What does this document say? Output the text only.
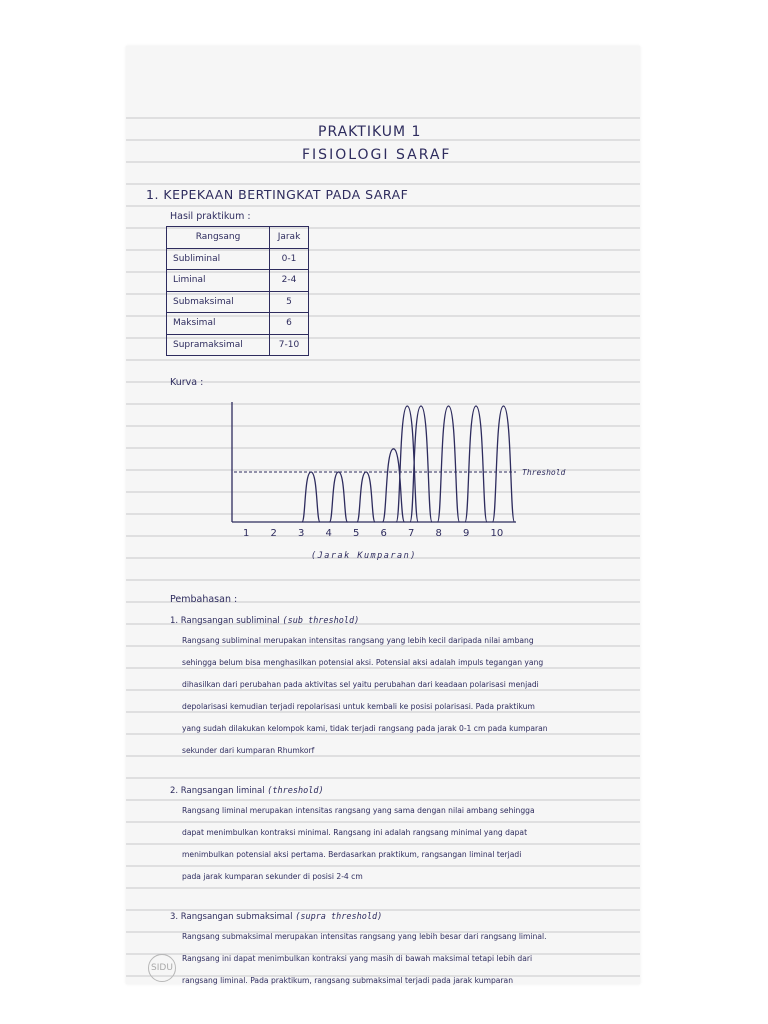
PRAKTIKUM 1
FISIOLOGI SARAF
1. KEPEKAAN BERTINGKAT PADA SARAF
Hasil praktikum :
Rangsang	Jarak
Subliminal	0-1
Liminal	2-4
Submaksimal	5
Maksimal	6
Supramaksimal	7-10
Kurva :
Threshold
1 2 3 4 5 6 7 8 9 10
(Jarak Kumparan)
Pembahasan :
1. Rangsangan subliminal (sub threshold)
Rangsang subliminal merupakan intensitas rangsang yang lebih kecil daripada nilai ambang
sehingga belum bisa menghasilkan potensial aksi. Potensial aksi adalah impuls tegangan yang
dihasilkan dari perubahan pada aktivitas sel yaitu perubahan dari keadaan polarisasi menjadi
depolarisasi kemudian terjadi repolarisasi untuk kembali ke posisi polarisasi. Pada praktikum
yang sudah dilakukan kelompok kami, tidak terjadi rangsang pada jarak 0-1 cm pada kumparan
sekunder dari kumparan Rhumkorf
2. Rangsangan liminal (threshold)
Rangsang liminal merupakan intensitas rangsang yang sama dengan nilai ambang sehingga
dapat menimbulkan kontraksi minimal. Rangsang ini adalah rangsang minimal yang dapat
menimbulkan potensial aksi pertama. Berdasarkan praktikum, rangsangan liminal terjadi
pada jarak kumparan sekunder di posisi 2-4 cm
3. Rangsangan submaksimal (supra threshold)
Rangsang submaksimal merupakan intensitas rangsang yang lebih besar dari rangsang liminal.
Rangsang ini dapat menimbulkan kontraksi yang masih di bawah maksimal tetapi lebih dari
rangsang liminal. Pada praktikum, rangsang submaksimal terjadi pada jarak kumparan
SIDU
